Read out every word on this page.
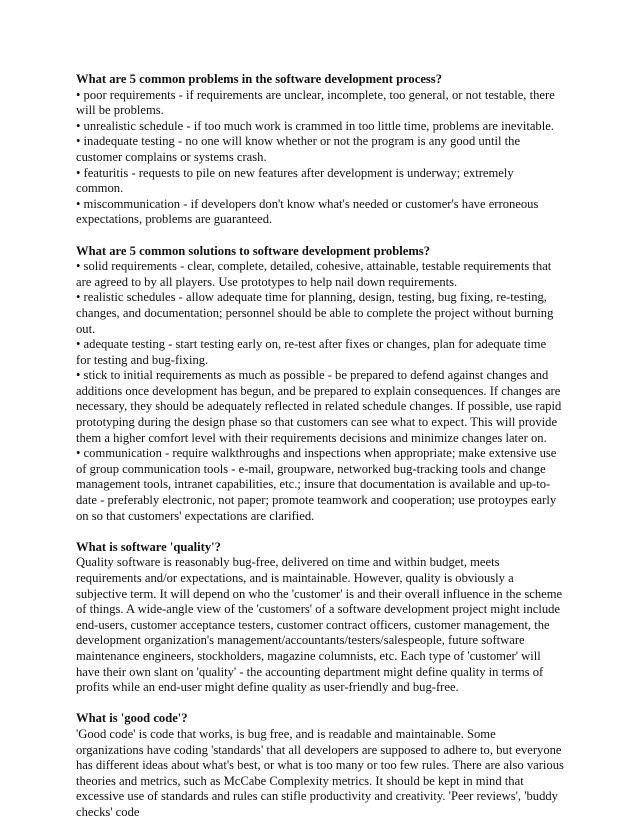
What are 5 common problems in the software development process?

• poor requirements - if requirements are unclear, incomplete, too general, or not testable, there will be problems.

• unrealistic schedule - if too much work is crammed in too little time, problems are inevitable.

• inadequate testing - no one will know whether or not the program is any good until the customer complains or systems crash.

• featuritis - requests to pile on new features after development is underway; extremely common.

• miscommunication - if developers don't know what's needed or customer's have erroneous expectations, problems are guaranteed.

What are 5 common solutions to software development problems?

• solid requirements - clear, complete, detailed, cohesive, attainable, testable requirements that are agreed to by all players. Use prototypes to help nail down requirements.

• realistic schedules - allow adequate time for planning, design, testing, bug fixing, re-testing, changes, and documentation; personnel should be able to complete the project without burning out.

• adequate testing - start testing early on, re-test after fixes or changes, plan for adequate time for testing and bug-fixing.

• stick to initial requirements as much as possible - be prepared to defend against changes and additions once development has begun, and be prepared to explain consequences. If changes are necessary, they should be adequately reflected in related schedule changes. If possible, use rapid prototyping during the design phase so that customers can see what to expect. This will provide them a higher comfort level with their requirements decisions and minimize changes later on.

• communication - require walkthroughs and inspections when appropriate; make extensive use of group communication tools - e-mail, groupware, networked bug-tracking tools and change management tools, intranet capabilities, etc.; insure that documentation is available and up-to-date - preferably electronic, not paper; promote teamwork and cooperation; use protoypes early on so that customers' expectations are clarified.

What is software 'quality'?

Quality software is reasonably bug-free, delivered on time and within budget, meets requirements and/or expectations, and is maintainable. However, quality is obviously a subjective term. It will depend on who the 'customer' is and their overall influence in the scheme of things. A wide-angle view of the 'customers' of a software development project might include end-users, customer acceptance testers, customer contract officers, customer management, the development organization's management/accountants/testers/salespeople, future software maintenance engineers, stockholders, magazine columnists, etc. Each type of 'customer' will have their own slant on 'quality' - the accounting department might define quality in terms of profits while an end-user might define quality as user-friendly and bug-free.

What is 'good code'?

'Good code' is code that works, is bug free, and is readable and maintainable. Some organizations have coding 'standards' that all developers are supposed to adhere to, but everyone has different ideas about what's best, or what is too many or too few rules. There are also various theories and metrics, such as McCabe Complexity metrics. It should be kept in mind that excessive use of standards and rules can stifle productivity and creativity. 'Peer reviews', 'buddy checks' code
